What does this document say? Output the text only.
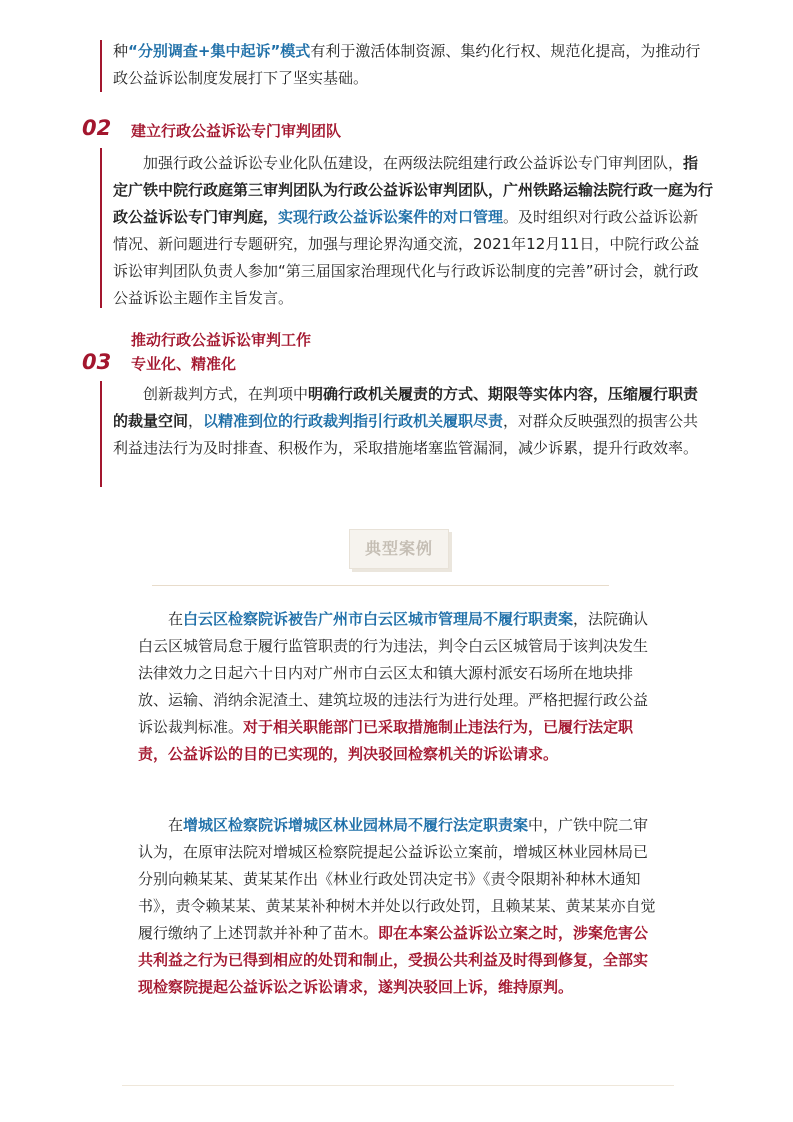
种“分别调查+集中起诉”模式有利于激活体制资源、集约化行权、规范化提高，为推动行政公益诉讼制度发展打下了坚实基础。

02 建立行政公益诉讼专门审判团队

加强行政公益诉讼专业化队伍建设，在两级法院组建行政公益诉讼专门审判团队，指定广铁中院行政庭第三审判团队为行政公益诉讼审判团队，广州铁路运输法院行政一庭为行政公益诉讼专门审判庭，实现行政公益诉讼案件的对口管理。及时组织对行政公益诉讼新情况、新问题进行专题研究，加强与理论界沟通交流，2021年12月11日，中院行政公益诉讼审判团队负责人参加“第三届国家治理现代化与行政诉讼制度的完善”研讨会，就行政公益诉讼主题作主旨发言。

03
推动行政公益诉讼审判工作
专业化、精准化

创新裁判方式，在判项中明确行政机关履责的方式、期限等实体内容，压缩履行职责的裁量空间，以精准到位的行政裁判指引行政机关履职尽责，对群众反映强烈的损害公共利益违法行为及时排查、积极作为，采取措施堵塞监管漏洞，减少诉累，提升行政效率。

典型案例

在白云区检察院诉被告广州市白云区城市管理局不履行职责案，法院确认白云区城管局怠于履行监管职责的行为违法，判令白云区城管局于该判决发生法律效力之日起六十日内对广州市白云区太和镇大源村派安石场所在地块排放、运输、消纳余泥渣土、建筑垃圾的违法行为进行处理。严格把握行政公益诉讼裁判标准。对于相关职能部门已采取措施制止违法行为，已履行法定职责，公益诉讼的目的已实现的，判决驳回检察机关的诉讼请求。

在增城区检察院诉增城区林业园林局不履行法定职责案中，广铁中院二审认为，在原审法院对增城区检察院提起公益诉讼立案前，增城区林业园林局已分别向赖某某、黄某某作出《林业行政处罚决定书》《责令限期补种林木通知书》，责令赖某某、黄某某补种树木并处以行政处罚，且赖某某、黄某某亦自觉履行缴纳了上述罚款并补种了苗木。即在本案公益诉讼立案之时，涉案危害公共利益之行为已得到相应的处罚和制止，受损公共利益及时得到修复，全部实现检察院提起公益诉讼之诉讼请求，遂判决驳回上诉，维持原判。
